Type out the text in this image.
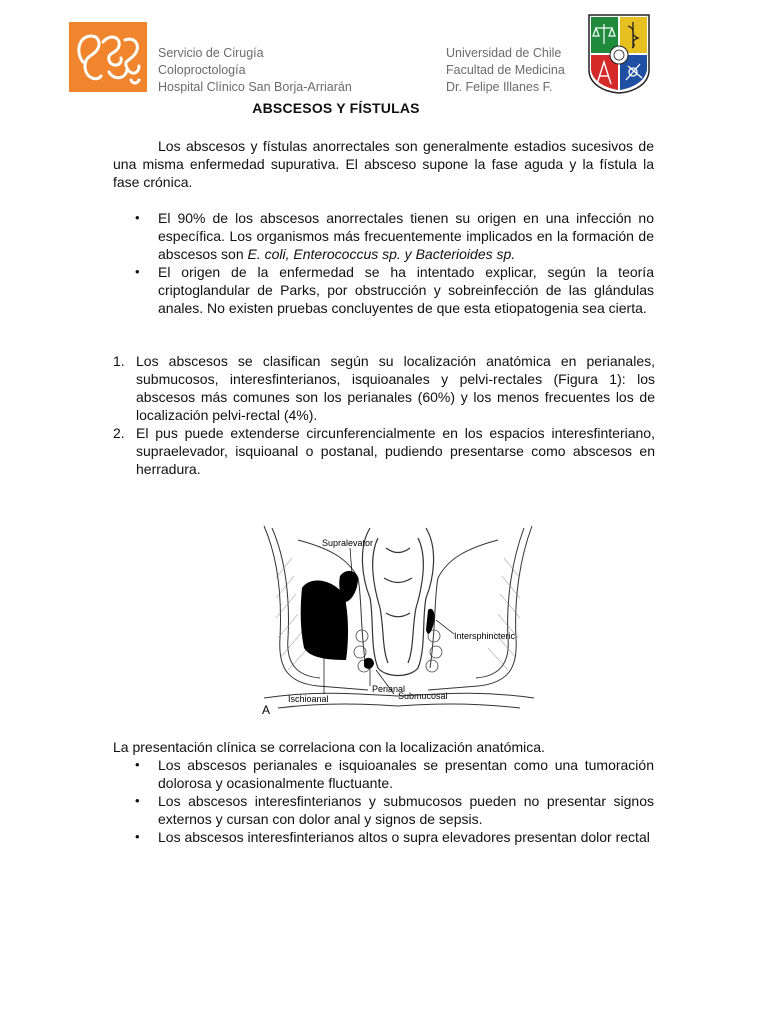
Servicio de Cirugía
Coloproctología
Hospital Clínico San Borja-Arriarán
Universidad de Chile
Facultad de Medicina
Dr. Felipe Illanes F.
ABSCESOS Y FÍSTULAS
Los abscesos y fístulas anorrectales son generalmente estadios sucesivos de una misma enfermedad supurativa. El absceso supone la fase aguda y la fístula la fase crónica.
• El 90% de los abscesos anorrectales tienen su origen en una infección no específica. Los organismos más frecuentemente implicados en la formación de abscesos son E. coli, Enterococcus sp. y Bacterioides sp.
• El origen de la enfermedad se ha intentado explicar, según la teoría criptoglandular de Parks, por obstrucción y sobreinfección de las glándulas anales. No existen pruebas concluyentes de que esta etiopatogenia sea cierta.
1. Los abscesos se clasifican según su localización anatómica en perianales, submucosos, interesfinterianos, isquioanales y pelvi-rectales (Figura 1): los abscesos más comunes son los perianales (60%) y los menos frecuentes los de localización pelvi-rectal (4%).
2. El pus puede extenderse circunferencialmente en los espacios interesfinteriano, supraelevador, isquioanal o postanal, pudiendo presentarse como abscesos en herradura.
Supralevator
Intersphincteric
Ischioanal
Perianal
Submucosal
A
La presentación clínica se correlaciona con la localización anatómica.
• Los abscesos perianales e isquioanales se presentan como una tumoración dolorosa y ocasionalmente fluctuante.
• Los abscesos interesfinterianos y submucosos pueden no presentar signos externos y cursan con dolor anal y signos de sepsis.
• Los abscesos interesfinterianos altos o supra elevadores presentan dolor rectal
